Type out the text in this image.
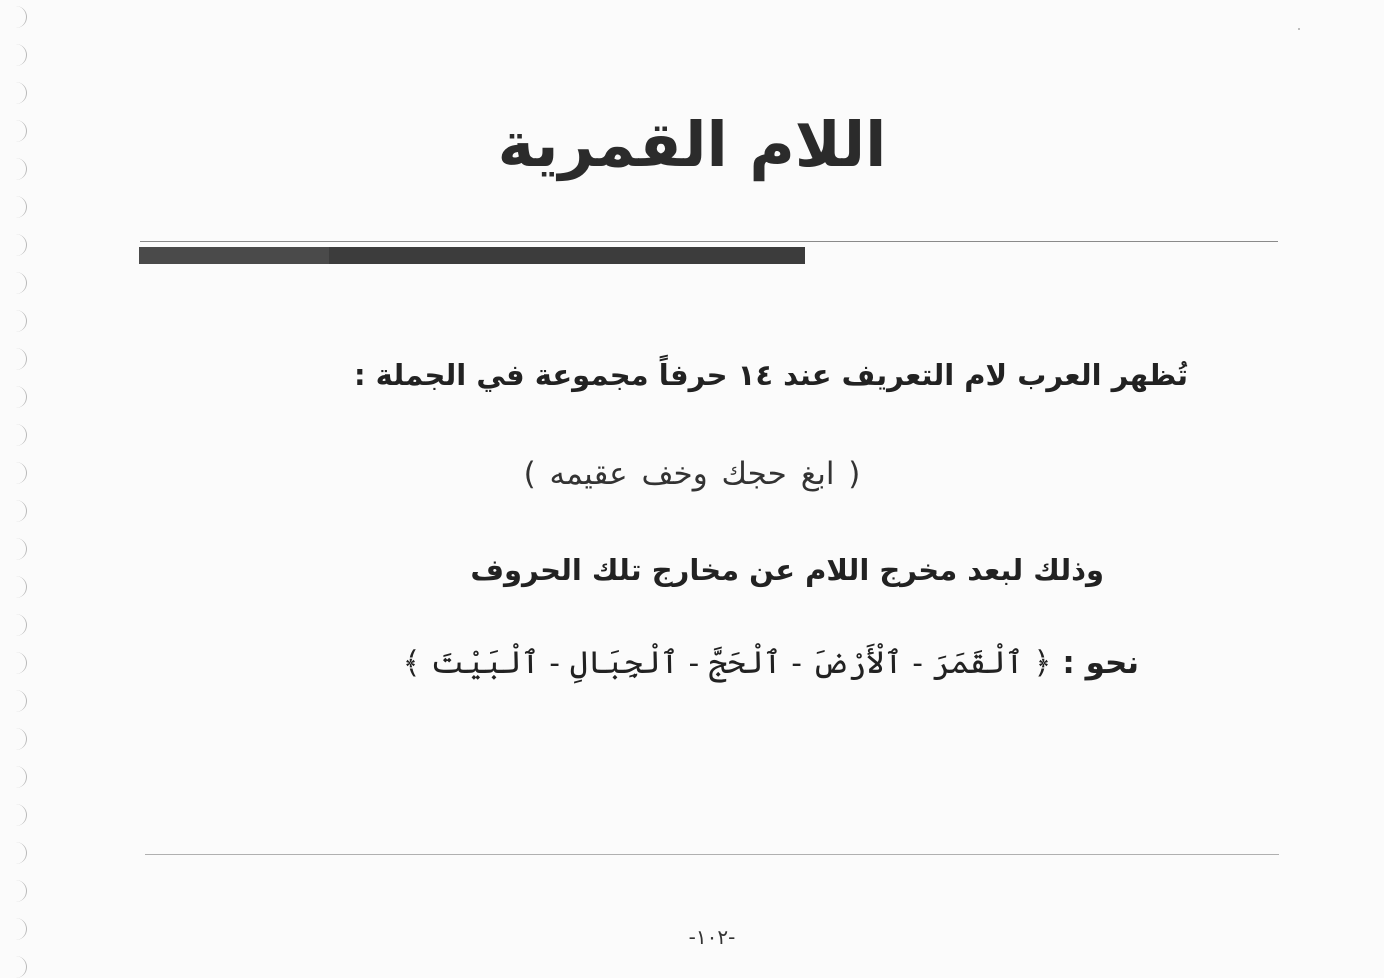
اللام القمرية
تُظهر العرب لام التعريف عند ١٤ حرفاً مجموعة في الجملة :
( ابغ حجك وخف عقيمه )
وذلك لبعد مخرج اللام عن مخارج تلك الحروف
نحو : ﴿ ٱلْقَمَرَ - ٱلْأَرْضَ - ٱلْحَجَّ - ٱلْجِبَالِ - ٱلْبَيْتَ ﴾
-١٠٢-
